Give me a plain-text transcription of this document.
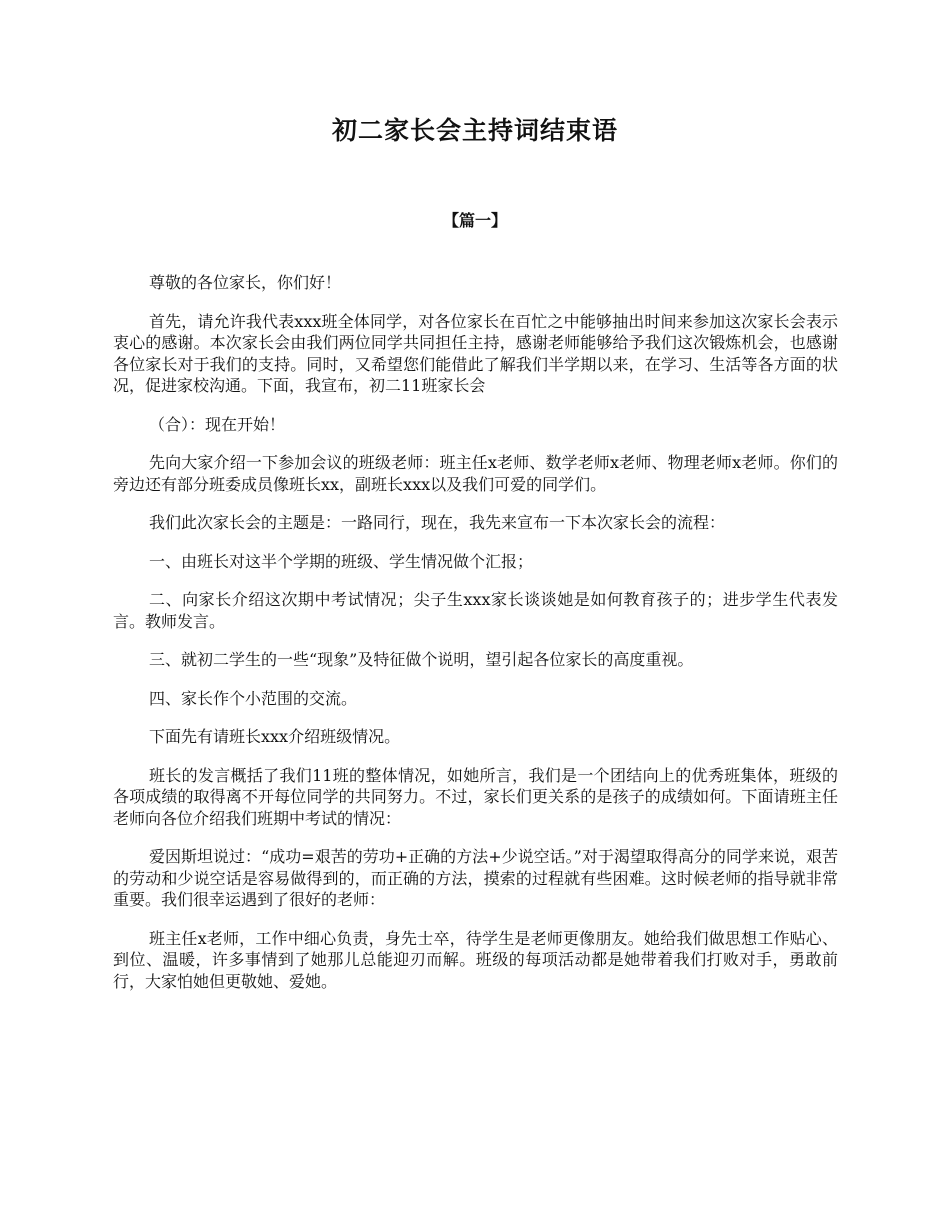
初二家长会主持词结束语
【篇一】

尊敬的各位家长，你们好！

首先，请允许我代表xxx班全体同学，对各位家长在百忙之中能够抽出时间来参加这次家长会表示衷心的感谢。本次家长会由我们两位同学共同担任主持，感谢老师能够给予我们这次锻炼机会，也感谢各位家长对于我们的支持。同时，又希望您们能借此了解我们半学期以来，在学习、生活等各方面的状况，促进家校沟通。下面，我宣布，初二11班家长会

（合）：现在开始！

先向大家介绍一下参加会议的班级老师：班主任x老师、数学老师x老师、物理老师x老师。你们的旁边还有部分班委成员像班长xx，副班长xxx以及我们可爱的同学们。

我们此次家长会的主题是：一路同行，现在，我先来宣布一下本次家长会的流程：

一、由班长对这半个学期的班级、学生情况做个汇报；

二、向家长介绍这次期中考试情况；尖子生xxx家长谈谈她是如何教育孩子的；进步学生代表发言。教师发言。

三、就初二学生的一些“现象”及特征做个说明，望引起各位家长的高度重视。

四、家长作个小范围的交流。

下面先有请班长xxx介绍班级情况。

班长的发言概括了我们11班的整体情况，如她所言，我们是一个团结向上的优秀班集体，班级的各项成绩的取得离不开每位同学的共同努力。不过，家长们更关系的是孩子的成绩如何。下面请班主任老师向各位介绍我们班期中考试的情况：

爱因斯坦说过：“成功=艰苦的劳功+正确的方法+少说空话。”对于渴望取得高分的同学来说，艰苦的劳动和少说空话是容易做得到的，而正确的方法，摸索的过程就有些困难。这时候老师的指导就非常重要。我们很幸运遇到了很好的老师：

班主任x老师，工作中细心负责，身先士卒，待学生是老师更像朋友。她给我们做思想工作贴心、到位、温暖，许多事情到了她那儿总能迎刃而解。班级的每项活动都是她带着我们打败对手，勇敢前行，大家怕她但更敬她、爱她。
